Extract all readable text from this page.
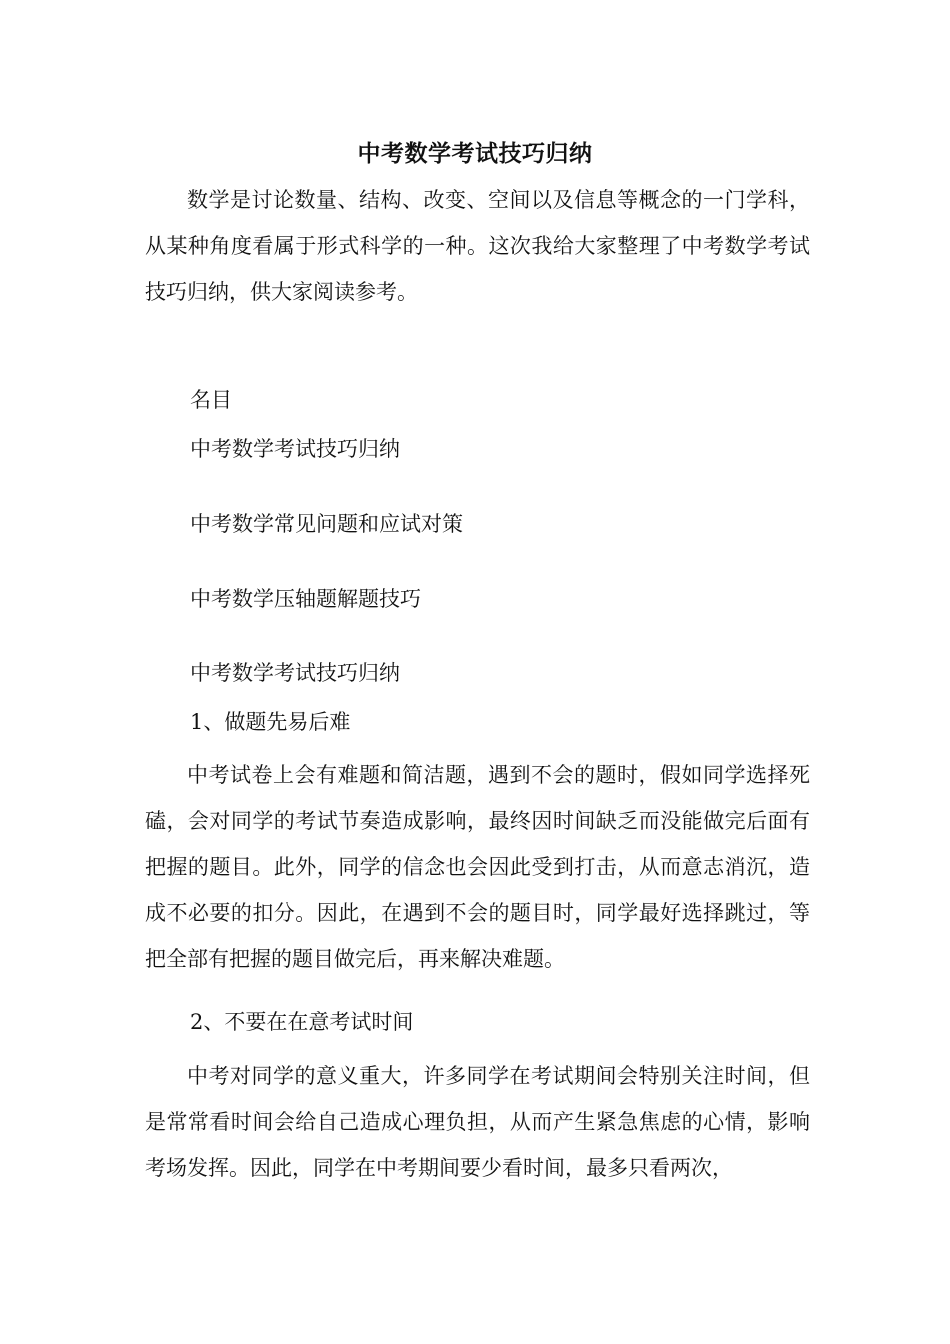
中考数学考试技巧归纳
数学是讨论数量、结构、改变、空间以及信息等概念的一门学科，从某种角度看属于形式科学的一种。这次我给大家整理了中考数学考试技巧归纳，供大家阅读参考。
名目
中考数学考试技巧归纳
中考数学常见问题和应试对策
中考数学压轴题解题技巧
中考数学考试技巧归纳
1、做题先易后难
中考试卷上会有难题和简洁题，遇到不会的题时，假如同学选择死磕，会对同学的考试节奏造成影响，最终因时间缺乏而没能做完后面有把握的题目。此外，同学的信念也会因此受到打击，从而意志消沉，造成不必要的扣分。因此，在遇到不会的题目时，同学最好选择跳过，等把全部有把握的题目做完后，再来解决难题。
2、不要在在意考试时间
中考对同学的意义重大，许多同学在考试期间会特别关注时间，但是常常看时间会给自己造成心理负担，从而产生紧急焦虑的心情，影响考场发挥。因此，同学在中考期间要少看时间，最多只看两次，
